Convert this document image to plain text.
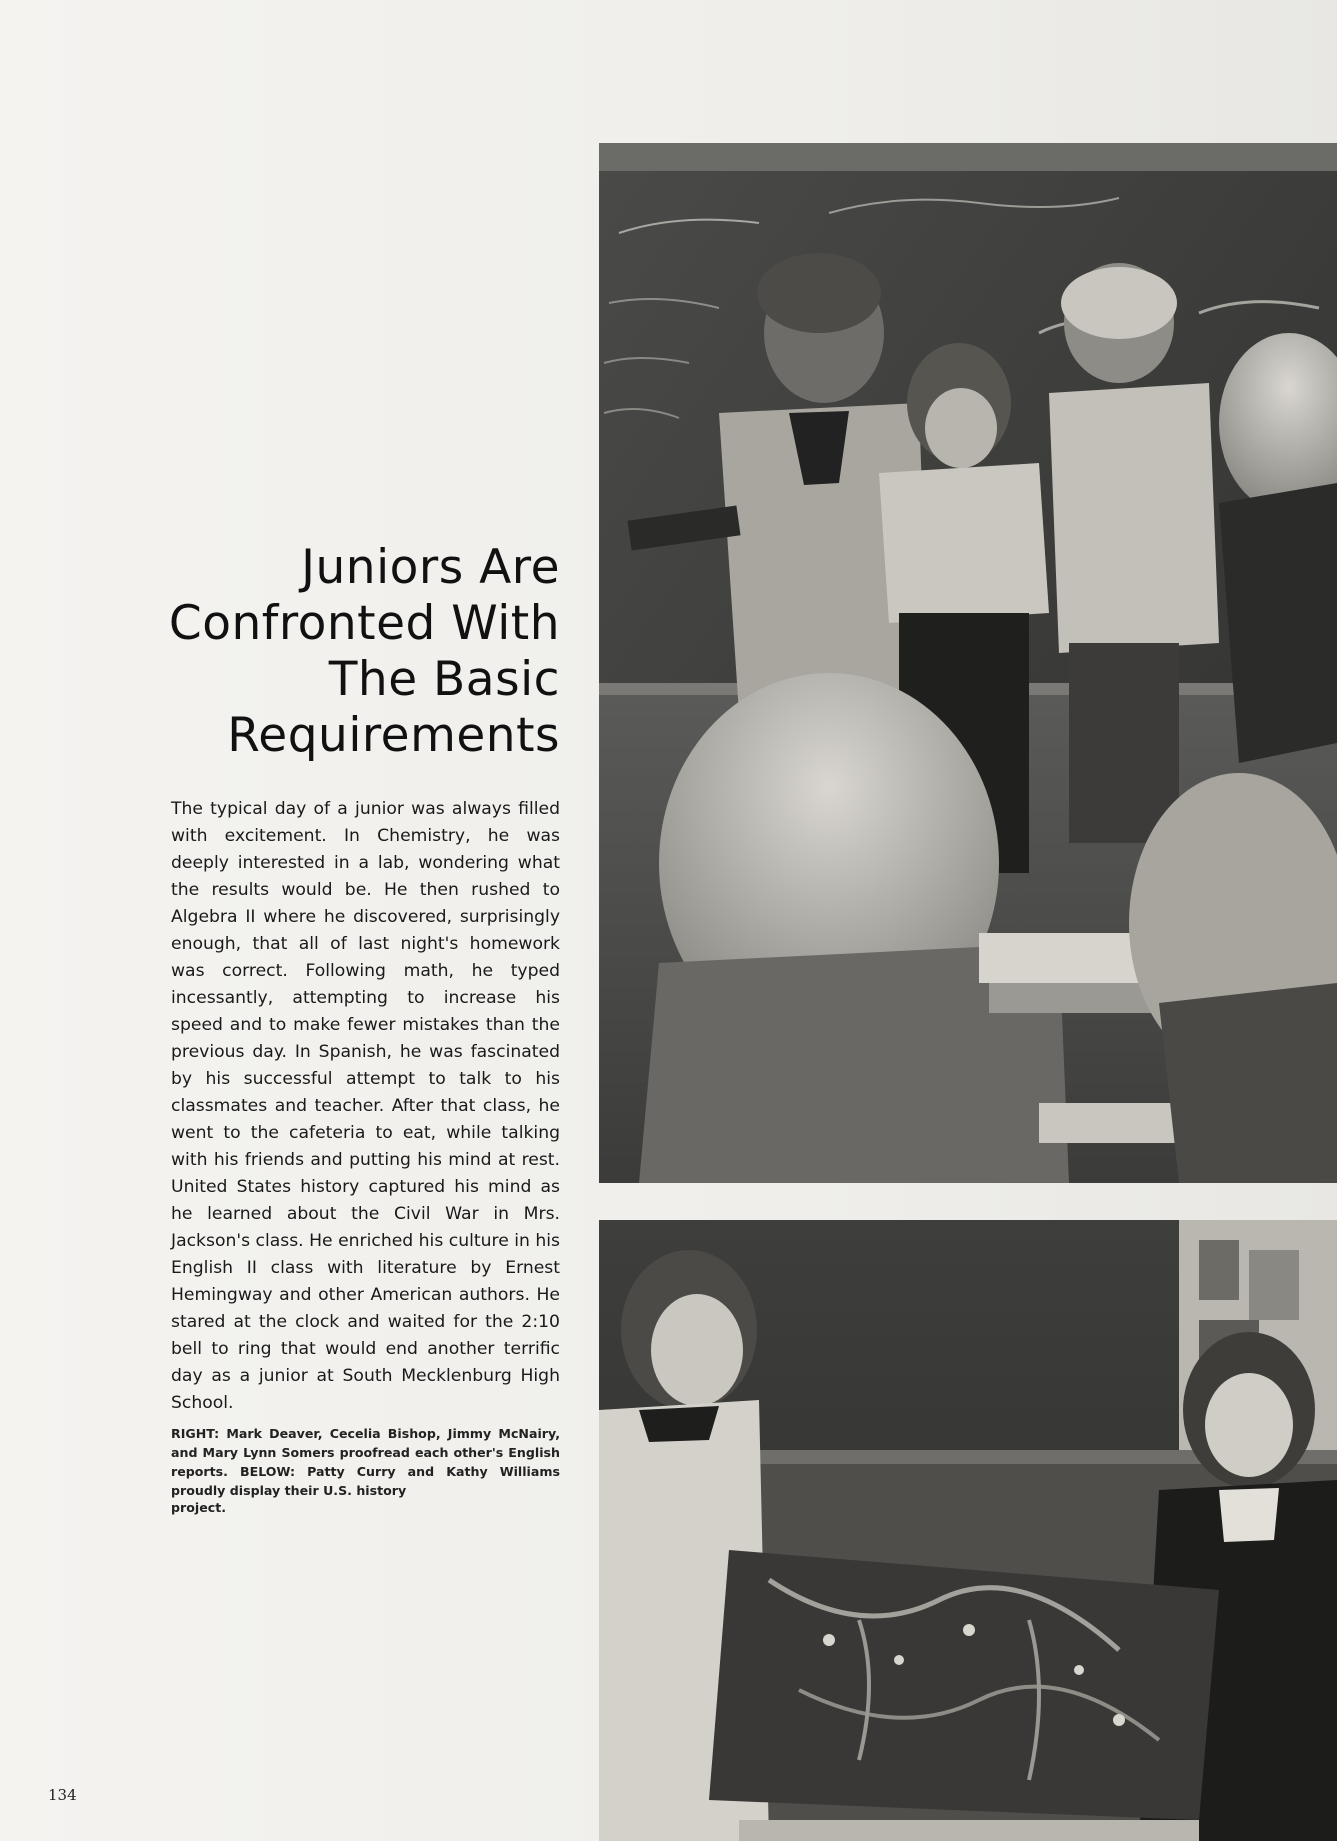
Juniors Are
Confronted With
The Basic
Requirements

The typical day of a junior was always filled with excitement. In Chemistry, he was deeply interested in a lab, wondering what the results would be. He then rushed to Algebra II where he discovered, surprisingly enough, that all of last night's homework was correct. Following math, he typed incessantly, attempting to increase his speed and to make fewer mistakes than the previous day. In Spanish, he was fascinated by his successful attempt to talk to his classmates and teacher. After that class, he went to the cafeteria to eat, while talking with his friends and putting his mind at rest. United States history captured his mind as he learned about the Civil War in Mrs. Jackson's class. He enriched his culture in his English II class with literature by Ernest Hemingway and other American authors. He stared at the clock and waited for the 2:10 bell to ring that would end another terrific day as a junior at South Mecklenburg High School.

RIGHT: Mark Deaver, Cecelia Bishop, Jimmy McNairy, and Mary Lynn Somers proofread each other's English reports. BELOW: Patty Curry and Kathy Williams proudly display their U.S. history

project.
134
